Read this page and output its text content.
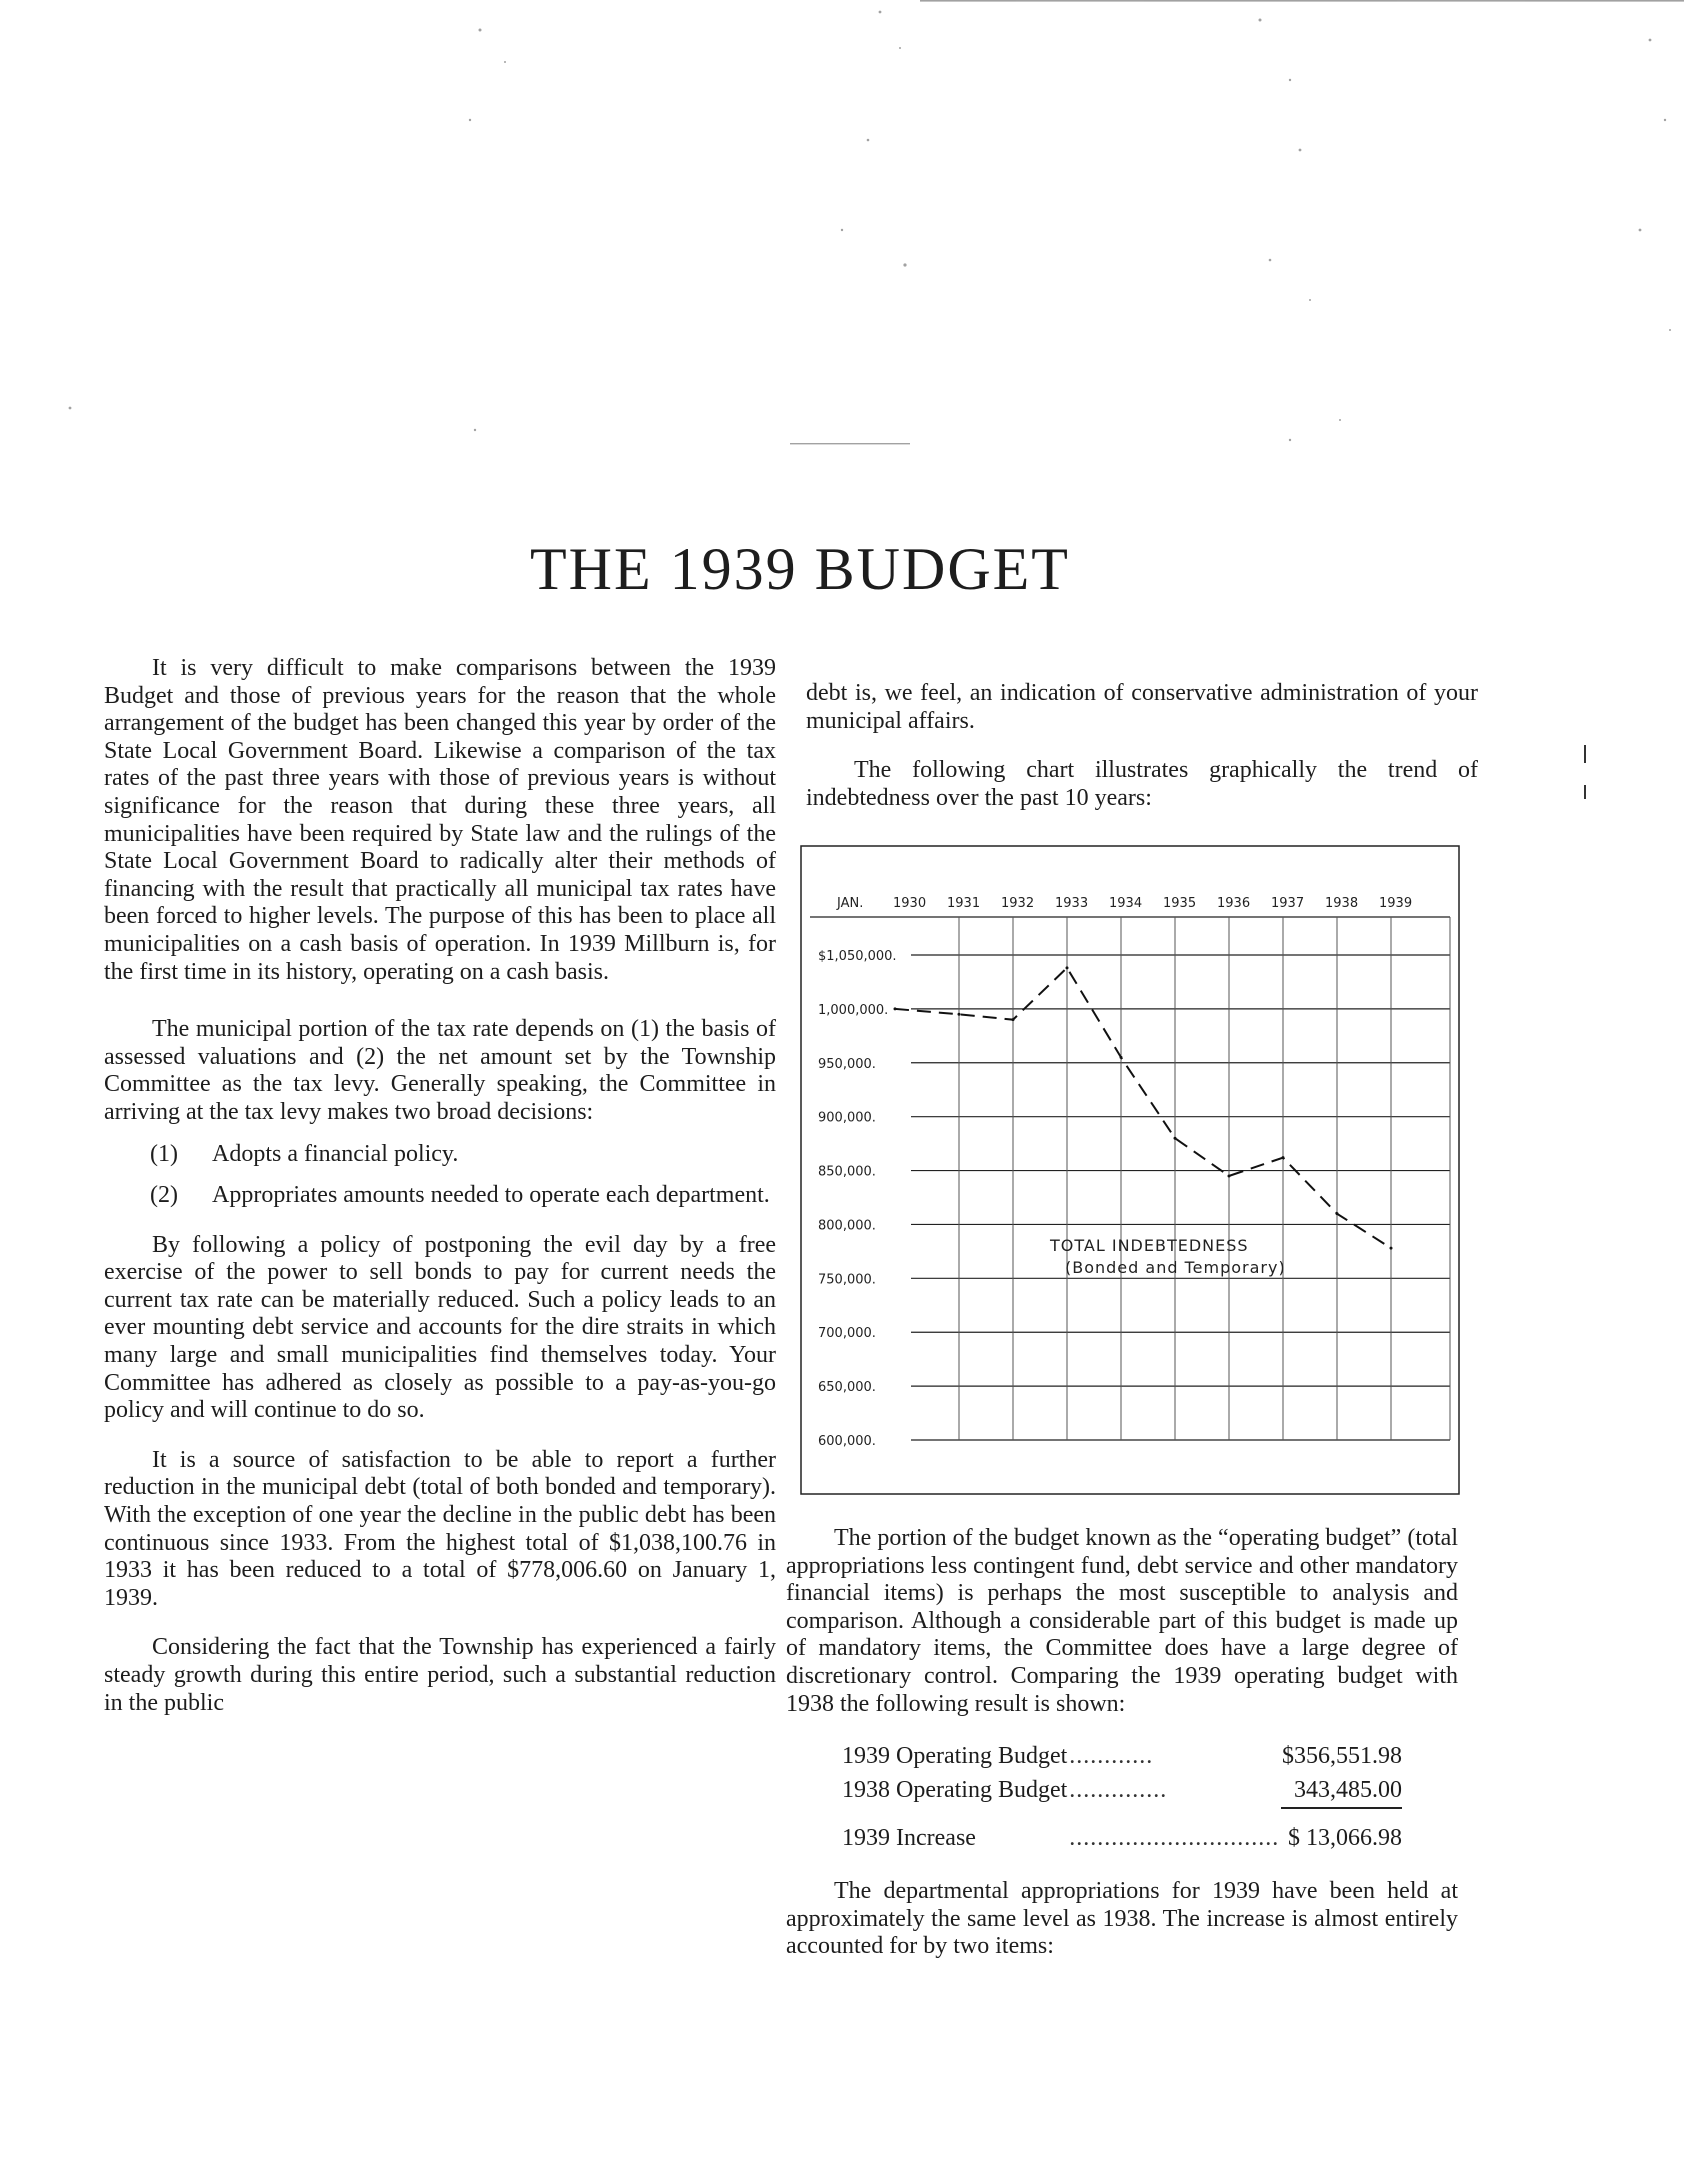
THE 1939 BUDGET

It is very difficult to make comparisons between the 1939 Budget and those of previous years for the reason that the whole arrangement of the budget has been changed this year by order of the State Local Government Board. Likewise a comparison of the tax rates of the past three years with those of previous years is without significance for the reason that during these three years, all municipalities have been required by State law and the rulings of the State Local Government Board to radically alter their methods of financing with the result that practically all municipal tax rates have been forced to higher levels. The purpose of this has been to place all municipalities on a cash basis of operation. In 1939 Millburn is, for the first time in its history, operating on a cash basis.

The municipal portion of the tax rate depends on (1) the basis of assessed valuations and (2) the net amount set by the Township Committee as the tax levy. Generally speaking, the Committee in arriving at the tax levy makes two broad decisions:

(1)	Adopts a financial policy.
(2)	Appropriates amounts needed to operate each department.

By following a policy of postponing the evil day by a free exercise of the power to sell bonds to pay for current needs the current tax rate can be materially reduced. Such a policy leads to an ever mounting debt service and accounts for the dire straits in which many large and small municipalities find themselves today. Your Committee has adhered as closely as possible to a pay-as-you-go policy and will continue to do so.

It is a source of satisfaction to be able to report a further reduction in the municipal debt (total of both bonded and temporary). With the exception of one year the decline in the public debt has been continuous since 1933. From the highest total of $1,038,100.76 in 1933 it has been reduced to a total of $778,006.60 on January 1, 1939.

Considering the fact that the Township has experienced a fairly steady growth during this entire period, such a substantial reduction in the public

debt is, we feel, an indication of conservative administration of your municipal affairs.

The following chart illustrates graphically the trend of indebtedness over the past 10 years:

JAN.
$1,050,000.
1,000,000.
950,000.
900,000.
850,000.
800,000.
750,000.
700,000.
650,000.
600,000.
1930 1931 1932 1933 1934 1935 1936 1937 1938 1939
TOTAL INDEBTEDNESS
(Bonded and Temporary)

The portion of the budget known as the “operating budget” (total appropriations less contingent fund, debt service and other mandatory financial items) is perhaps the most susceptible to analysis and comparison. Although a considerable part of this budget is made up of mandatory items, the Committee does have a large degree of discretionary control. Comparing the 1939 operating budget with 1938 the following result is shown:

1939 Operating Budget	............	$356,551.98
1938 Operating Budget	..............	343,485.00
1939 Increase	..............................	$ 13,066.98

The departmental appropriations for 1939 have been held at approximately the same level as 1938. The increase is almost entirely accounted for by two items:
